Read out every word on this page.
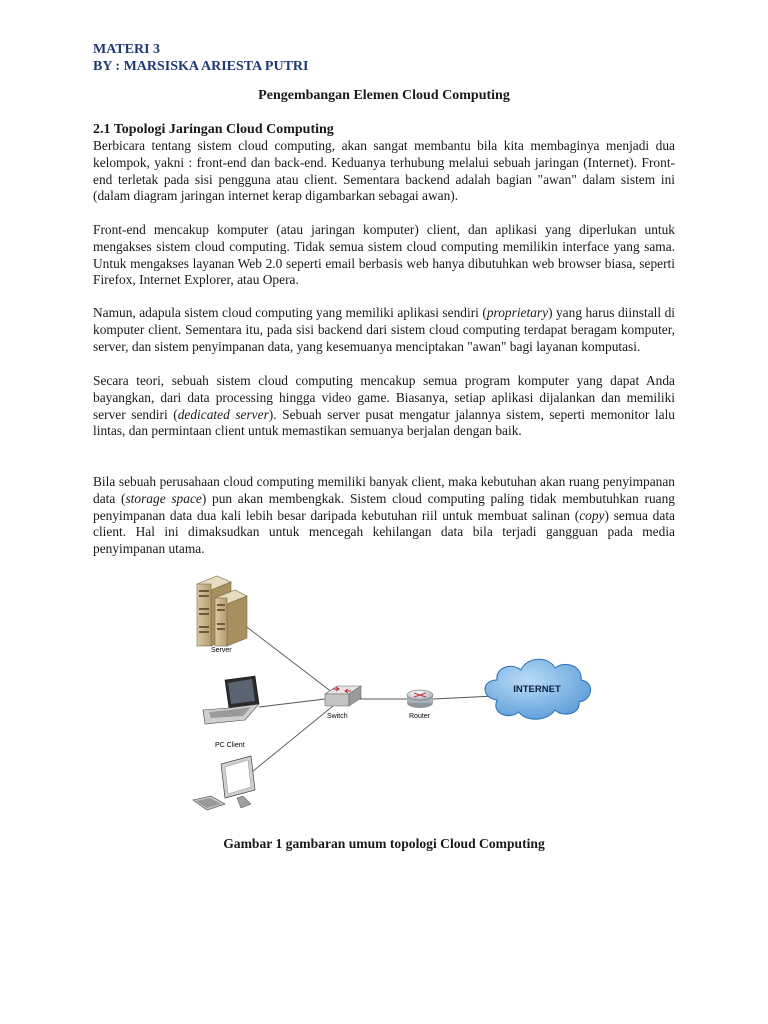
MATERI 3
BY : MARSISKA ARIESTA PUTRI
Pengembangan Elemen Cloud Computing
2.1 Topologi Jaringan Cloud Computing

Berbicara tentang sistem cloud computing, akan sangat membantu bila kita membaginya menjadi dua kelompok, yakni : front-end dan back-end. Keduanya terhubung melalui sebuah jaringan (Internet). Front-end terletak pada sisi pengguna atau client. Sementara backend adalah bagian "awan" dalam sistem ini (dalam diagram jaringan internet kerap digambarkan sebagai awan).

Front-end mencakup komputer (atau jaringan komputer) client, dan aplikasi yang diperlukan untuk mengakses sistem cloud computing. Tidak semua sistem cloud computing memilikin interface yang sama. Untuk mengakses layanan Web 2.0 seperti email berbasis web hanya dibutuhkan web browser biasa, seperti Firefox, Internet Explorer, atau Opera.

Namun, adapula sistem cloud computing yang memiliki aplikasi sendiri (proprietary) yang harus diinstall di komputer client. Sementara itu, pada sisi backend dari sistem cloud computing terdapat beragam komputer, server, dan sistem penyimpanan data, yang kesemuanya menciptakan "awan" bagi layanan komputasi.

Secara teori, sebuah sistem cloud computing mencakup semua program komputer yang dapat Anda bayangkan, dari data processing hingga video game. Biasanya, setiap aplikasi dijalankan dan memiliki server sendiri (dedicated server). Sebuah server pusat mengatur jalannya sistem, seperti memonitor lalu lintas, dan permintaan client untuk memastikan semuanya berjalan dengan baik.

Bila sebuah perusahaan cloud computing memiliki banyak client, maka kebutuhan akan ruang penyimpanan data (storage space) pun akan membengkak. Sistem cloud computing paling tidak membutuhkan ruang penyimpanan data dua kali lebih besar daripada kebutuhan riil untuk membuat salinan (copy) semua data client. Hal ini dimaksudkan untuk mencegah kehilangan data bila terjadi gangguan pada media penyimpanan utama.

Server
PC Client
Switch	Router
INTERNET
Gambar 1 gambaran umum topologi Cloud Computing
